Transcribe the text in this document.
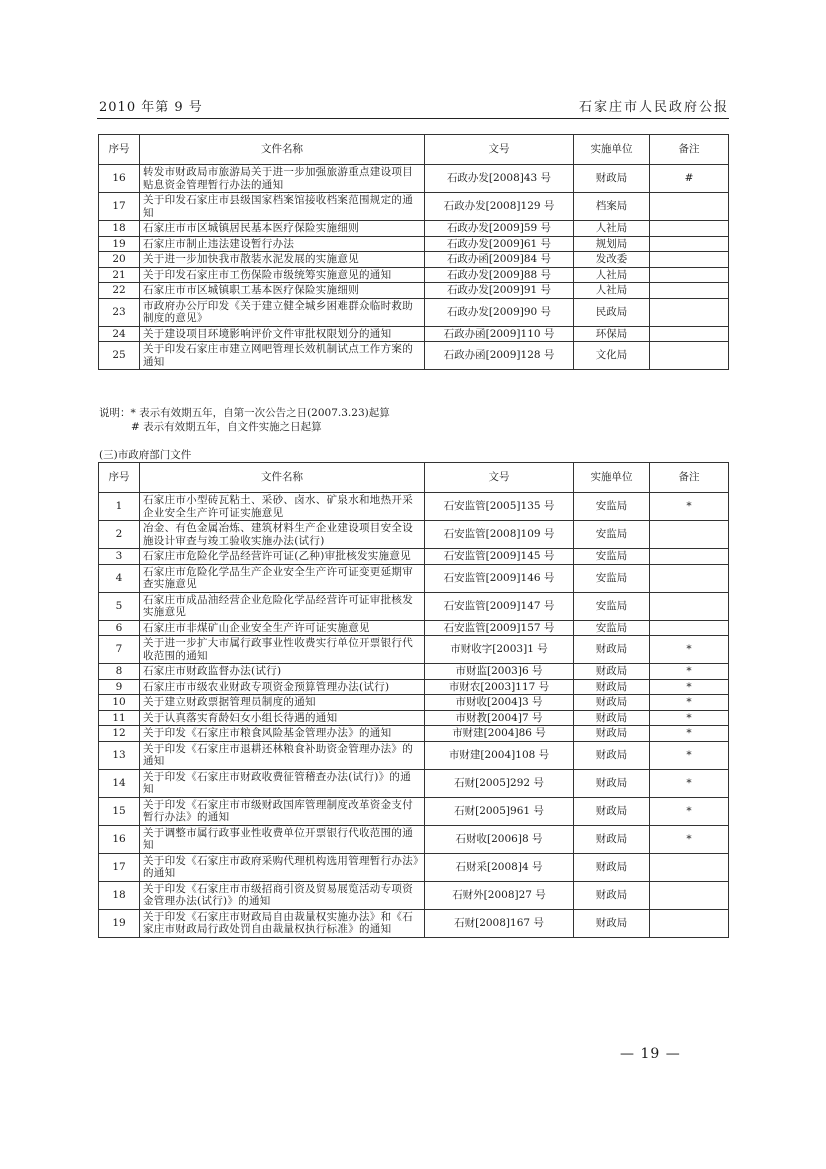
2010 年第 9 号	石家庄市人民政府公报
序号	文件名称	文号	实施单位	备注
16	转发市财政局市旅游局关于进一步加强旅游重点建设项目贴息资金管理暂行办法的通知	石政办发[2008]43 号	财政局	#
17	关于印发石家庄市县级国家档案馆接收档案范围规定的通知	石政办发[2008]129 号	档案局	
18	石家庄市市区城镇居民基本医疗保险实施细则	石政办发[2009]59 号	人社局	
19	石家庄市制止违法建设暂行办法	石政办发[2009]61 号	规划局	
20	关于进一步加快我市散装水泥发展的实施意见	石政办函[2009]84 号	发改委	
21	关于印发石家庄市工伤保险市级统筹实施意见的通知	石政办发[2009]88 号	人社局	
22	石家庄市市区城镇职工基本医疗保险实施细则	石政办发[2009]91 号	人社局	
23	市政府办公厅印发《关于建立健全城乡困难群众临时救助制度的意见》	石政办发[2009]90 号	民政局	
24	关于建设项目环境影响评价文件审批权限划分的通知	石政办函[2009]110 号	环保局	
25	关于印发石家庄市建立网吧管理长效机制试点工作方案的通知	石政办函[2009]128 号	文化局	
说明：* 表示有效期五年，自第一次公告之日(2007.3.23)起算
# 表示有效期五年，自文件实施之日起算
(三)市政府部门文件
序号	文件名称	文号	实施单位	备注
1	石家庄市小型砖瓦粘土、采砂、卤水、矿泉水和地热开采企业安全生产许可证实施意见	石安监管[2005]135 号	安监局	*
2	冶金、有色金属冶炼、建筑材料生产企业建设项目安全设施设计审查与竣工验收实施办法(试行)	石安监管[2008]109 号	安监局	
3	石家庄市危险化学品经营许可证(乙种)审批核发实施意见	石安监管[2009]145 号	安监局	
4	石家庄市危险化学品生产企业安全生产许可证变更延期审查实施意见	石安监管[2009]146 号	安监局	
5	石家庄市成品油经营企业危险化学品经营许可证审批核发实施意见	石安监管[2009]147 号	安监局	
6	石家庄市非煤矿山企业安全生产许可证实施意见	石安监管[2009]157 号	安监局	
7	关于进一步扩大市属行政事业性收费实行单位开票银行代收范围的通知	市财收字[2003]1 号	财政局	*
8	石家庄市财政监督办法(试行)	市财监[2003]6 号	财政局	*
9	石家庄市市级农业财政专项资金预算管理办法(试行)	市财农[2003]117 号	财政局	*
10	关于建立财政票据管理员制度的通知	市财收[2004]3 号	财政局	*
11	关于认真落实育龄妇女小组长待遇的通知	市财教[2004]7 号	财政局	*
12	关于印发《石家庄市粮食风险基金管理办法》的通知	市财建[2004]86 号	财政局	*
13	关于印发《石家庄市退耕还林粮食补助资金管理办法》的通知	市财建[2004]108 号	财政局	*
14	关于印发《石家庄市财政收费征管稽查办法(试行)》的通知	石财[2005]292 号	财政局	*
15	关于印发《石家庄市市级财政国库管理制度改革资金支付暂行办法》的通知	石财[2005]961 号	财政局	*
16	关于调整市属行政事业性收费单位开票银行代收范围的通知	石财收[2006]8 号	财政局	*
17	关于印发《石家庄市政府采购代理机构选用管理暂行办法》的通知	石财采[2008]4 号	财政局	
18	关于印发《石家庄市市级招商引资及贸易展览活动专项资金管理办法(试行)》的通知	石财外[2008]27 号	财政局	
19	关于印发《石家庄市财政局自由裁量权实施办法》和《石家庄市财政局行政处罚自由裁量权执行标准》的通知	石财[2008]167 号	财政局	
— 19 —
